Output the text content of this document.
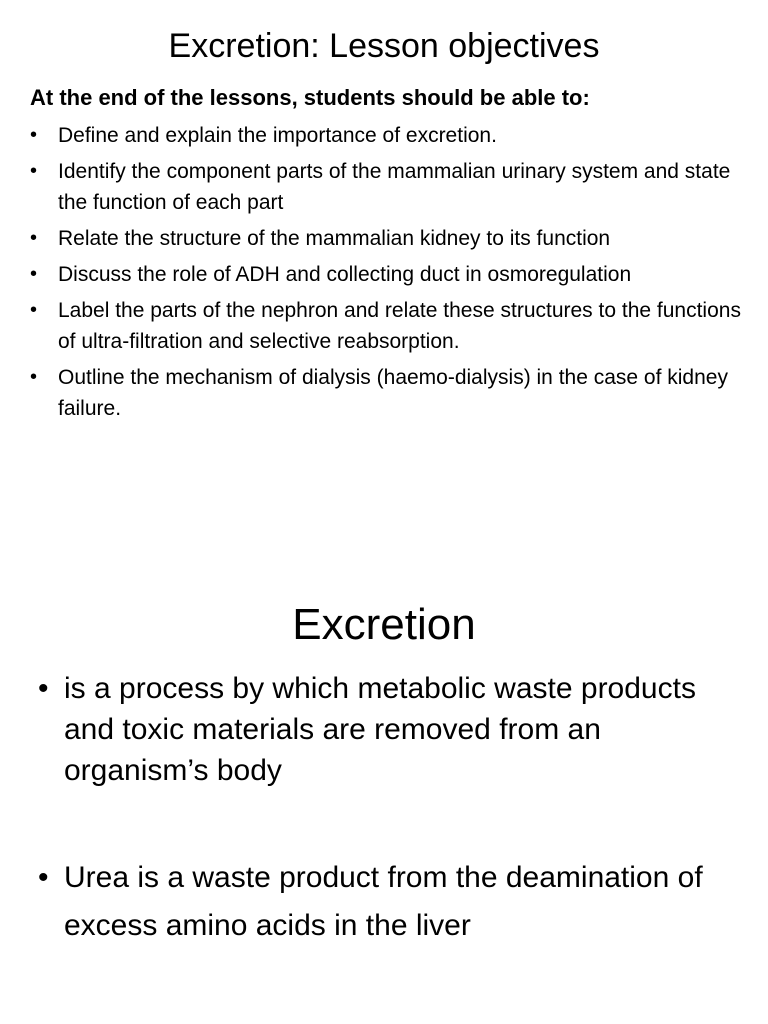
Excretion: Lesson objectives
At the end of the lessons, students should be able to:
• Define and explain the importance of excretion.
• Identify the component parts of the mammalian urinary system and state the function of each part
• Relate the structure of the mammalian kidney to its function
• Discuss the role of ADH and collecting duct in osmoregulation
• Label the parts of the nephron and relate these structures to the functions of ultra-filtration and selective reabsorption.
• Outline the mechanism of dialysis (haemo-dialysis) in the case of kidney failure.
Excretion
• is a process by which metabolic waste products and toxic materials are removed from an organism’s body
• Urea is a waste product from the deamination of excess amino acids in the liver
